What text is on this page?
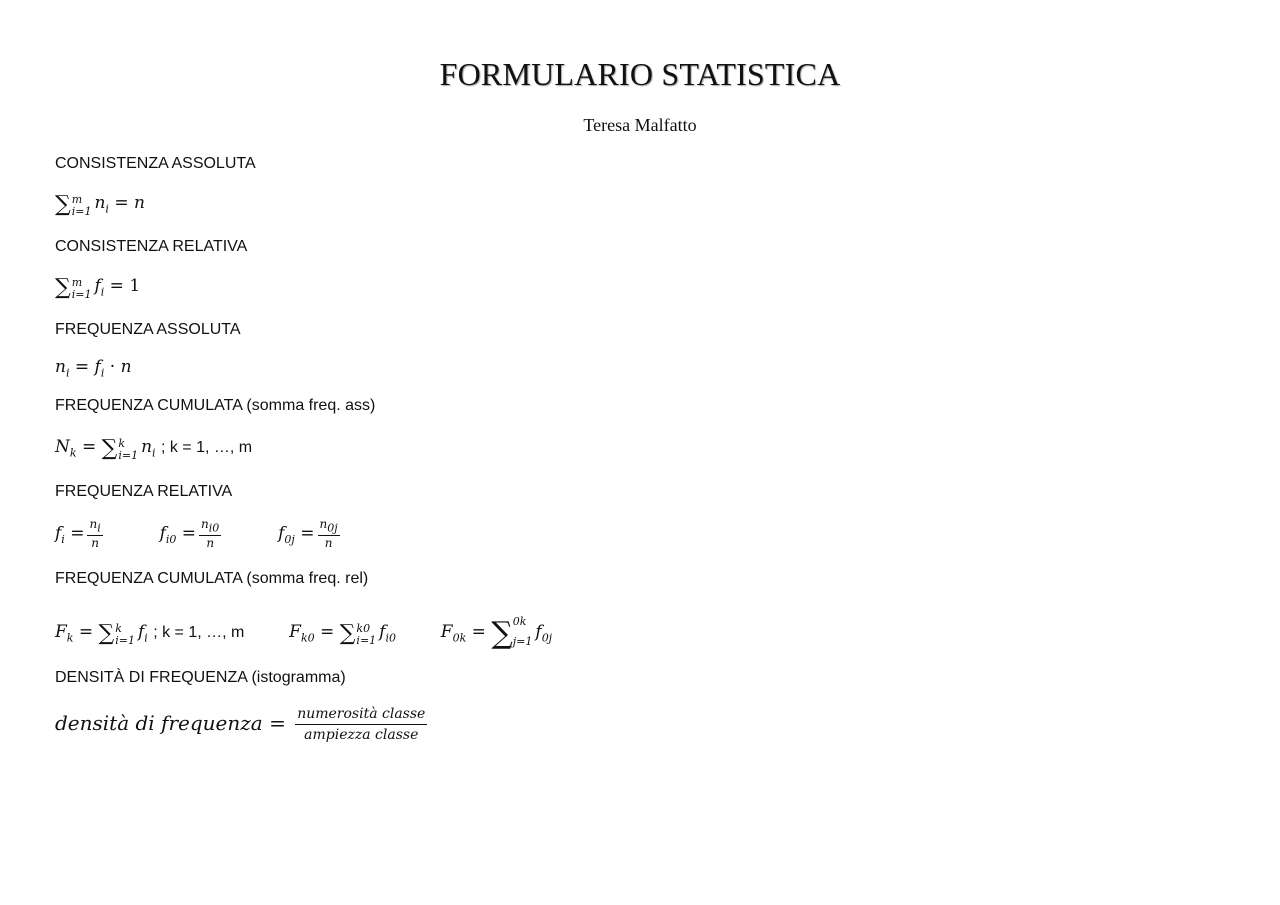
FORMULARIO STATISTICA
Teresa Malfatto
CONSISTENZA ASSOLUTA
∑ m
i=1 $n_i = n$
CONSISTENZA RELATIVA
∑ m
i=1 $f_i = 1$
FREQUENZA ASSOLUTA
$n_i = f_i \cdot n$
FREQUENZA CUMULATA (somma freq. ass)
$N_k$ = ∑ k
i=1 $n_i$ ; k = 1, …, m
FREQUENZA RELATIVA
$f_i = \frac{n_i}{n}$	$f_{i0} = \frac{n_{i0}}{n}$	$f_{0j} = \frac{n_{0j}}{n}$
FREQUENZA CUMULATA (somma freq. rel)
$F_k$ = ∑ k
i=1 $f_i$ ; k = 1, …, m	$F_{k0}$ = ∑ k0
i=1 $f_{i0}$	$F_{0k}$ = ∑ 0k
j=1 $f_{0j}$
DENSITÀ DI FREQUENZA (istogramma)
densità di frequenza = $\frac{\text{numerosità classe}}{\text{ampiezza classe}}$
